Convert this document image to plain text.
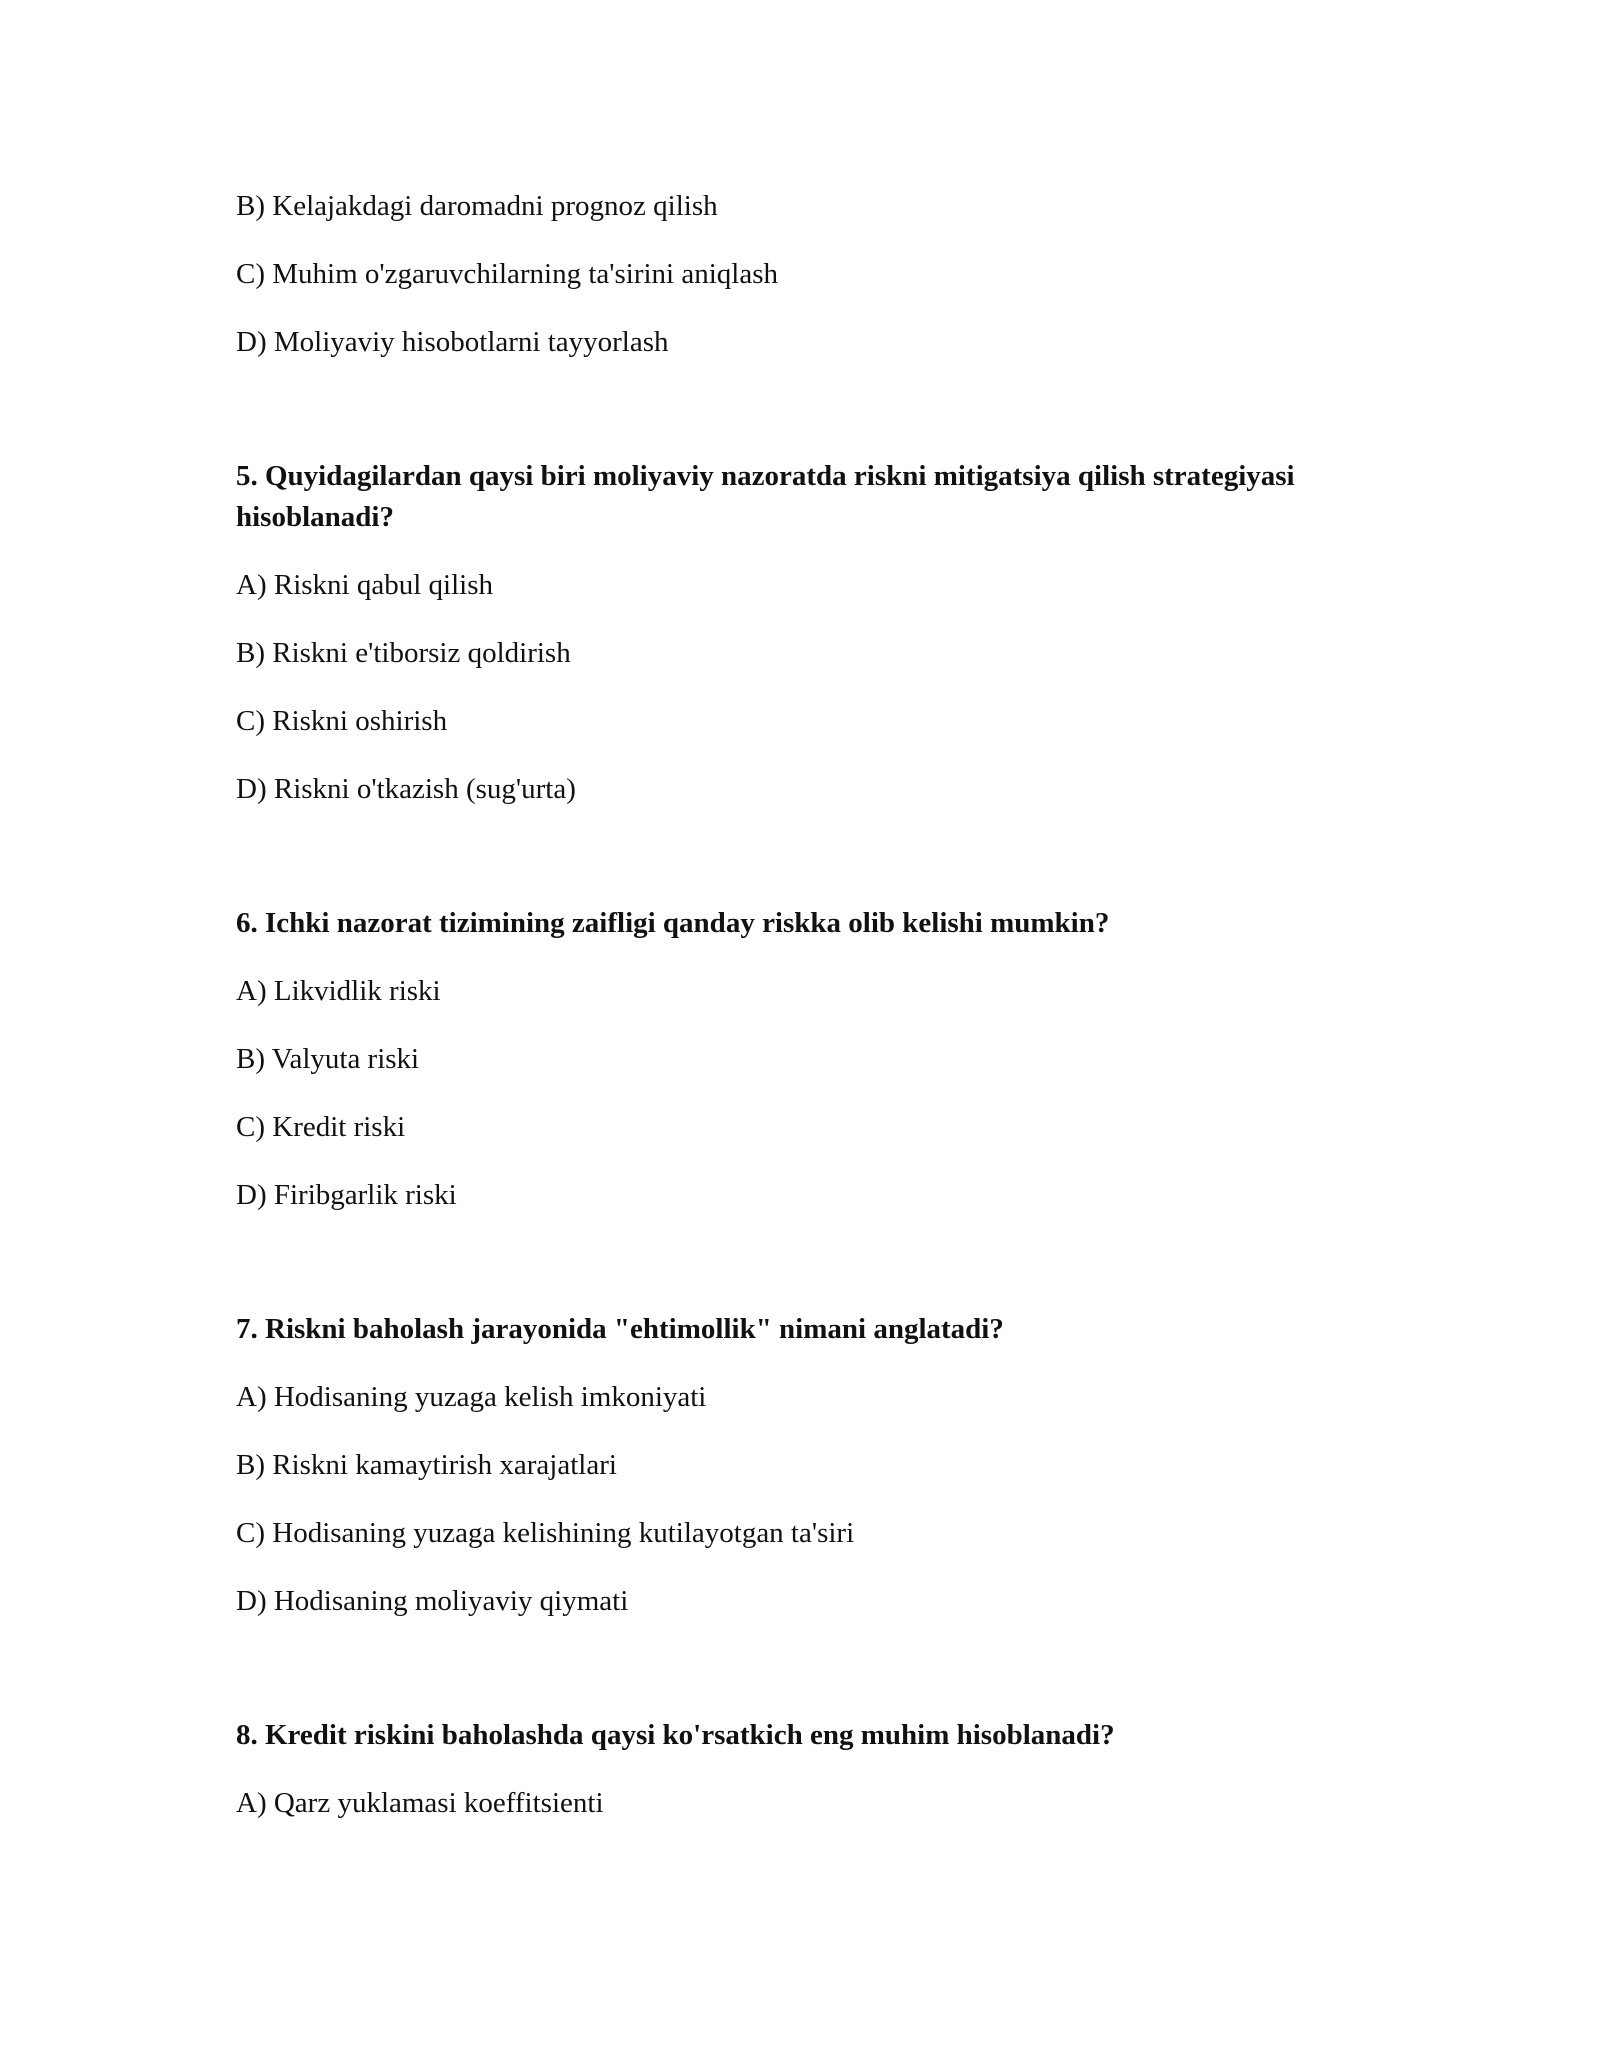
B) Kelajakdagi daromadni prognoz qilish
C) Muhim o'zgaruvchilarning ta'sirini aniqlash
D) Moliyaviy hisobotlarni tayyorlash
5. Quyidagilardan qaysi biri moliyaviy nazoratda riskni mitigatsiya qilish strategiyasi hisoblanadi?
A) Riskni qabul qilish
B) Riskni e'tiborsiz qoldirish
C) Riskni oshirish
D) Riskni o'tkazish (sug'urta)
6. Ichki nazorat tizimining zaifligi qanday riskka olib kelishi mumkin?
A) Likvidlik riski
B) Valyuta riski
C) Kredit riski
D) Firibgarlik riski
7. Riskni baholash jarayonida "ehtimollik" nimani anglatadi?
A) Hodisaning yuzaga kelish imkoniyati
B) Riskni kamaytirish xarajatlari
C) Hodisaning yuzaga kelishining kutilayotgan ta'siri
D) Hodisaning moliyaviy qiymati
8. Kredit riskini baholashda qaysi ko'rsatkich eng muhim hisoblanadi?
A) Qarz yuklamasi koeffitsienti
